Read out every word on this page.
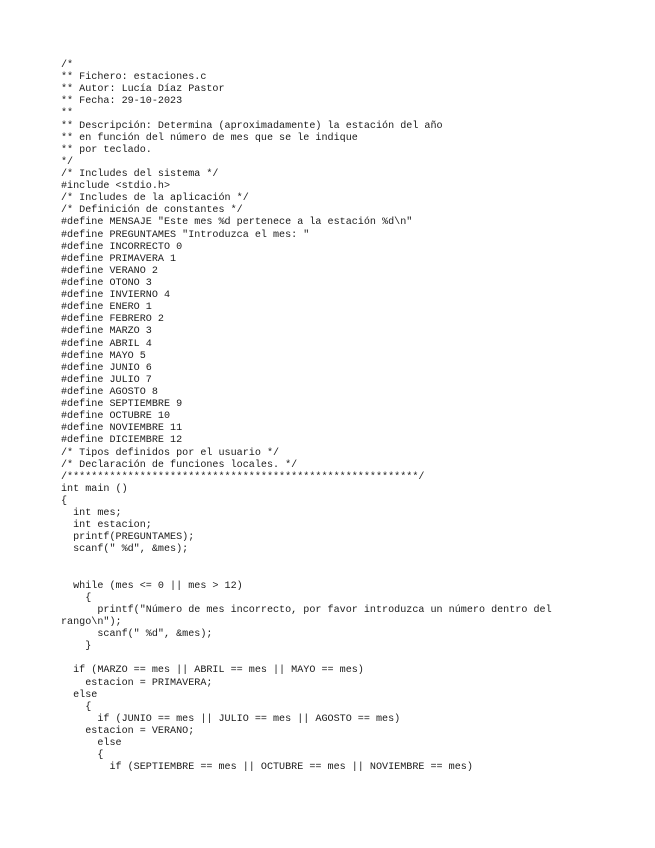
/*
** Fichero: estaciones.c
** Autor: Lucía Díaz Pastor
** Fecha: 29-10-2023
**
** Descripción: Determina (aproximadamente) la estación del año
** en función del número de mes que se le indique
** por teclado.
*/
/* Includes del sistema */
#include <stdio.h>
/* Includes de la aplicación */
/* Definición de constantes */
#define MENSAJE "Este mes %d pertenece a la estación %d\n"
#define PREGUNTAMES "Introduzca el mes: "
#define INCORRECTO 0
#define PRIMAVERA 1
#define VERANO 2
#define OTONO 3
#define INVIERNO 4
#define ENERO 1
#define FEBRERO 2
#define MARZO 3
#define ABRIL 4
#define MAYO 5
#define JUNIO 6
#define JULIO 7
#define AGOSTO 8
#define SEPTIEMBRE 9
#define OCTUBRE 10
#define NOVIEMBRE 11
#define DICIEMBRE 12
/* Tipos definidos por el usuario */
/* Declaración de funciones locales. */
/**********************************************************/
int main ()
{
int mes;
int estacion;
printf(PREGUNTAMES);
scanf(" %d", &mes);
while (mes <= 0 || mes > 12)
{
printf("Número de mes incorrecto, por favor introduzca un número dentro del
rango\n");
scanf(" %d", &mes);
}
if (MARZO == mes || ABRIL == mes || MAYO == mes)
estacion = PRIMAVERA;
else
{
if (JUNIO == mes || JULIO == mes || AGOSTO == mes)
estacion = VERANO;
else
{
if (SEPTIEMBRE == mes || OCTUBRE == mes || NOVIEMBRE == mes)
